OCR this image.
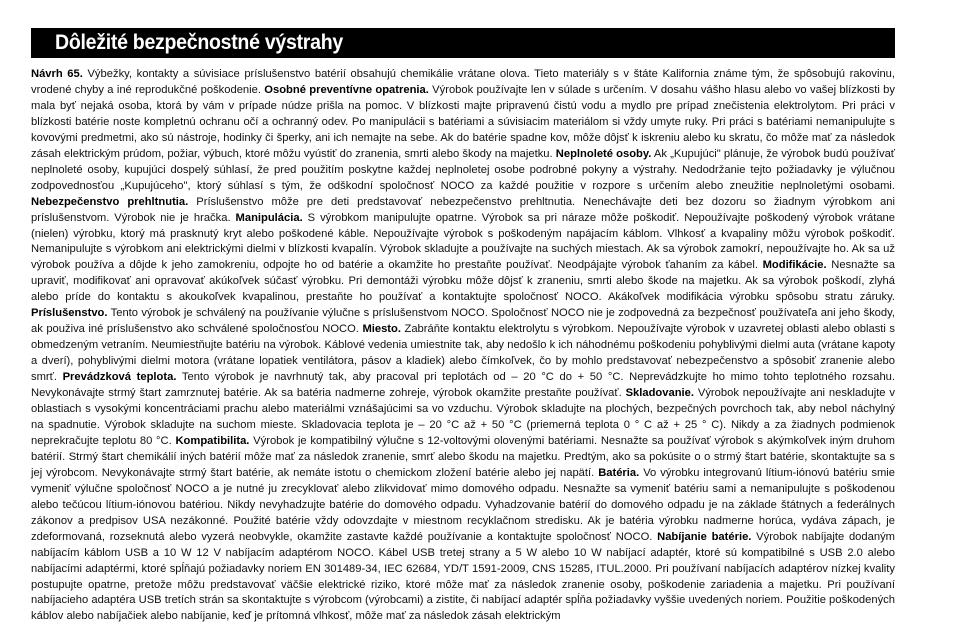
Dôležité bezpečnostné výstrahy
Návrh 65. Výbežky, kontakty a súvisiace príslušenstvo batérií obsahujú chemikálie vrátane olova. Tieto materiály s v štáte Kalifornia známe tým, že spôsobujú rakovinu, vrodené chyby a iné reprodukčné poškodenie. Osobné preventívne opatrenia. Výrobok používajte len v súlade s určením. V dosahu vášho hlasu alebo vo vašej blízkosti by mala byť nejaká osoba, ktorá by vám v prípade núdze prišla na pomoc. V blízkosti majte pripravenú čistú vodu a mydlo pre prípad znečistenia elektrolytom. Pri práci v blízkosti batérie noste kompletnú ochranu očí a ochranný odev. Po manipulácii s batériami a súvisiacim materiálom si vždy umyte ruky. Pri práci s batériami nemanipulujte s kovovými predmetmi, ako sú nástroje, hodinky či šperky, ani ich nemajte na sebe. Ak do batérie spadne kov, môže dôjsť k iskreniu alebo ku skratu, čo môže mať za následok zásah elektrickým prúdom, požiar, výbuch, ktoré môžu vyústiť do zranenia, smrti alebo škody na majetku. Neplnoleté osoby. Ak „Kupujúci" plánuje, že výrobok budú používať neplnoleté osoby, kupujúci dospelý súhlasí, že pred použitím poskytne každej neplnoletej osobe podrobné pokyny a výstrahy. Nedodržanie tejto požiadavky je výlučnou zodpovednosťou „Kupujúceho", ktorý súhlasí s tým, že odškodní spoločnosť NOCO za každé použitie v rozpore s určením alebo zneužitie neplnoletými osobami. Nebezpečenstvo prehltnutia. Príslušenstvo môže pre deti predstavovať nebezpečenstvo prehltnutia. Nenechávajte deti bez dozoru so žiadnym výrobkom ani príslušenstvom. Výrobok nie je hračka. Manipulácia. S výrobkom manipulujte opatrne. Výrobok sa pri náraze môže poškodiť. Nepoužívajte poškodený výrobok vrátane (nielen) výrobku, ktorý má prasknutý kryt alebo poškodené káble. Nepoužívajte výrobok s poškodeným napájacím káblom. Vlhkosť a kvapaliny môžu výrobok poškodiť. Nemanipulujte s výrobkom ani elektrickými dielmi v blízkosti kvapalín. Výrobok skladujte a používajte na suchých miestach. Ak sa výrobok zamokrí, nepoužívajte ho. Ak sa už výrobok používa a dôjde k jeho zamokreniu, odpojte ho od batérie a okamžite ho prestaňte používať. Neodpájajte výrobok ťahaním za kábel. Modifikácie. Nesnažte sa upraviť, modifikovať ani opravovať akúkoľvek súčasť výrobku. Pri demontáži výrobku môže dôjsť k zraneniu, smrti alebo škode na majetku. Ak sa výrobok poškodí, zlyhá alebo príde do kontaktu s akoukoľvek kvapalinou, prestaňte ho používať a kontaktujte spoločnosť NOCO. Akákoľvek modifikácia výrobku spôsobu stratu záruky. Príslušenstvo. Tento výrobok je schválený na používanie výlučne s príslušenstvom NOCO. Spoločnosť NOCO nie je zodpovedná za bezpečnosť používateľa ani jeho škody, ak použiva iné príslušenstvo ako schválené spoločnosťou NOCO. Miesto. Zabráňte kontaktu elektrolytu s výrobkom. Nepoužívajte výrobok v uzavretej oblasti alebo oblasti s obmedzeným vetraním. Neumiestňujte batériu na výrobok. Káblové vedenia umiestnite tak, aby nedošlo k ich náhodnému poškodeniu pohyblivými dielmi auta (vrátane kapoty a dverí), pohyblivými dielmi motora (vrátane lopatiek ventilátora, pásov a kladiek) alebo čímkoľvek, čo by mohlo predstavovať nebezpečenstvo a spôsobiť zranenie alebo smrť. Prevádzková teplota. Tento výrobok je navrhnutý tak, aby pracoval pri teplotách od – 20 °C do + 50 °C. Neprevádzkujte ho mimo tohto teplotného rozsahu. Nevykonávajte strmý štart zamrznutej batérie. Ak sa batéria nadmerne zohreje, výrobok okamžite prestaňte používať. Skladovanie. Výrobok nepoužívajte ani neskladujte v oblastiach s vysokými koncentráciami prachu alebo materiálmi vznášajúcimi sa vo vzduchu. Výrobok skladujte na plochých, bezpečných povrchoch tak, aby nebol náchylný na spadnutie. Výrobok skladujte na suchom mieste. Skladovacia teplota je – 20 °C až + 50 °C (priemerná teplota 0 ° C až + 25 ° C). Nikdy a za žiadnych podmienok neprekračujte teplotu 80 °C. Kompatibilita. Výrobok je kompatibilný výlučne s 12-voltovými olovenými batériami. Nesnažte sa používať výrobok s akýmkoľvek iným druhom batérií. Strmý štart chemikálií iných batérií môže mať za následok zranenie, smrť alebo škodu na majetku. Predtým, ako sa pokúsite o o strmý štart batérie, skontaktujte sa s jej výrobcom. Nevykonávajte strmý štart batérie, ak nemáte istotu o chemickom zložení batérie alebo jej napätí. Batéria. Vo výrobku integrovanú lítium-iónovú batériu smie vymeniť výlučne spoločnosť NOCO a je nutné ju zrecyklovať alebo zlikvidovať mimo domového odpadu. Nesnažte sa vymeniť batériu sami a nemanipulujte s poškodenou alebo tečúcou lítium-iónovou batériou. Nikdy nevyhadzujte batérie do domového odpadu. Vyhadzovanie batérií do domového odpadu je na základe štátnych a federálnych zákonov a predpisov USA nezákonné. Použité batérie vždy odovzdajte v miestnom recyklačnom stredisku. Ak je batéria výrobku nadmerne horúca, vydáva zápach, je zdeformovaná, rozseknutá alebo vyzerá neobvykle, okamžite zastavte každé používanie a kontaktujte spoločnosť NOCO. Nabíjanie batérie. Výrobok nabíjajte dodaným nabíjacím káblom USB a 10 W 12 V nabíjacím adaptérom NOCO. Kábel USB tretej strany a 5 W alebo 10 W nabíjací adaptér, ktoré sú kompatibilné s USB 2.0 alebo nabíjacími adaptérmi, ktoré spĺňajú požiadavky noriem EN 301489-34, IEC 62684, YD/T 1591-2009, CNS 15285, ITUL.2000. Pri používaní nabíjacích adaptérov nízkej kvality postupujte opatrne, pretože môžu predstavovať väčšie elektrické riziko, ktoré môže mať za následok zranenie osoby, poškodenie zariadenia a majetku. Pri používaní nabíjacieho adaptéra USB tretích strán sa skontaktujte s výrobcom (výrobcami) a zistite, či nabíjací adaptér spĺňa požiadavky vyššie uvedených noriem. Použitie poškodených káblov alebo nabíjačiek alebo nabíjanie, keď je prítomná vlhkosť, môže mať za následok zásah elektrickým
